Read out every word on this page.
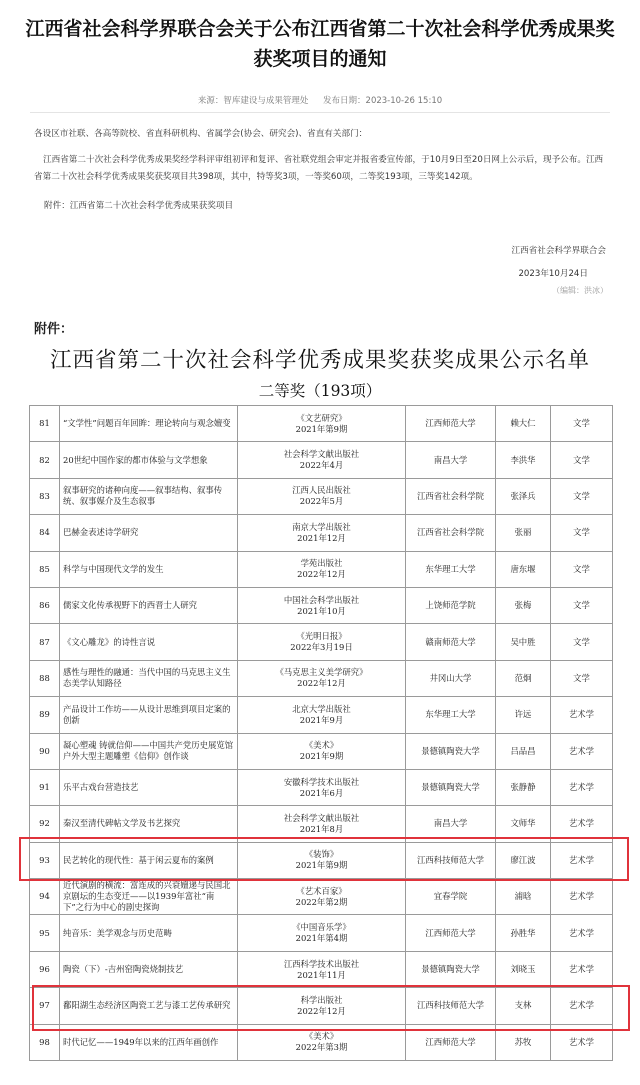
江西省社会科学界联合会关于公布江西省第二十次社会科学优秀成果奖
获奖项目的通知
来源：智库建设与成果管理处 发布日期：2023-10-26 15:10
各设区市社联、各高等院校、省直科研机构、省属学会(协会、研究会)、省直有关部门：
江西省第二十次社会科学优秀成果奖经学科评审组初评和复评、省社联党组会审定并报省委宣传部，于10月9日至20日网上公示后，现予公布。江西
省第二十次社会科学优秀成果奖获奖项目共398项，其中，特等奖3项，一等奖60项，二等奖193项，三等奖142项。
附件：江西省第二十次社会科学优秀成果获奖项目
江西省社会科学界联合会
2023年10月24日
（编辑：洪冰）
附件：
江西省第二十次社会科学优秀成果奖获奖成果公示名单
二等奖（193项）
81	“文学性”问题百年回眸：理论转向与观念嬗变	《文艺研究》
2021年第9期	江西师范大学	赖大仁	文学
82	20世纪中国作家的都市体验与文学想象	社会科学文献出版社
2022年4月	南昌大学	李洪华	文学
83	叙事研究的诸种向度——叙事结构、叙事传统、叙事媒介及生态叙事	江西人民出版社
2022年5月	江西省社会科学院	张泽兵	文学
84	巴赫金表述诗学研究	南京大学出版社
2021年12月	江西省社会科学院	张丽	文学
85	科学与中国现代文学的发生	学苑出版社
2022年12月	东华理工大学	唐东堰	文学
86	儒家文化传承视野下的西晋士人研究	中国社会科学出版社
2021年10月	上饶师范学院	张梅	文学
87	《文心雕龙》的诗性言说	《光明日报》
2022年3月19日	赣南师范大学	吴中胜	文学
88	感性与理性的融通：当代中国的马克思主义生态美学认知路径	《马克思主义美学研究》
2022年12月	井冈山大学	范炯	文学
89	产品设计工作坊——从设计思维到项目定案的创新	北京大学出版社
2021年9月	东华理工大学	许远	艺术学
90	凝心塑魂 铸就信仰——中国共产党历史展览馆户外大型主题雕塑《信仰》创作谈	《美术》
2021年9期	景德镇陶瓷大学	吕品昌	艺术学
91	乐平古戏台营造技艺	安徽科学技术出版社
2021年6月	景德镇陶瓷大学	张静静	艺术学
92	秦汉至清代碑帖文学及书艺探究	社会科学文献出版社
2021年8月	南昌大学	文师华	艺术学
93	民艺转化的现代性：基于闲云夏布的案例	《装饰》
2021年第9期	江西科技师范大学	廖江波	艺术学
94	近代演剧的横流：富连成的兴衰嬗递与民国北京剧坛的生态变迁——以1939年富社“南下”之行为中心的剧史探询	《艺术百家》
2022年第2期	宜春学院	浦晗	艺术学
95	纯音乐：美学观念与历史范畴	《中国音乐学》
2021年第4期	江西师范大学	孙胜华	艺术学
96	陶瓷（下）-吉州窑陶瓷烧制技艺	江西科学技术出版社
2021年11月	景德镇陶瓷大学	刘晓玉	艺术学
97	鄱阳湖生态经济区陶瓷工艺与漆工艺传承研究	科学出版社
2022年12月	江西科技师范大学	支林	艺术学
98	时代记忆——1949年以来的江西年画创作	《美术》
2022年第3期	江西师范大学	苏牧	艺术学
